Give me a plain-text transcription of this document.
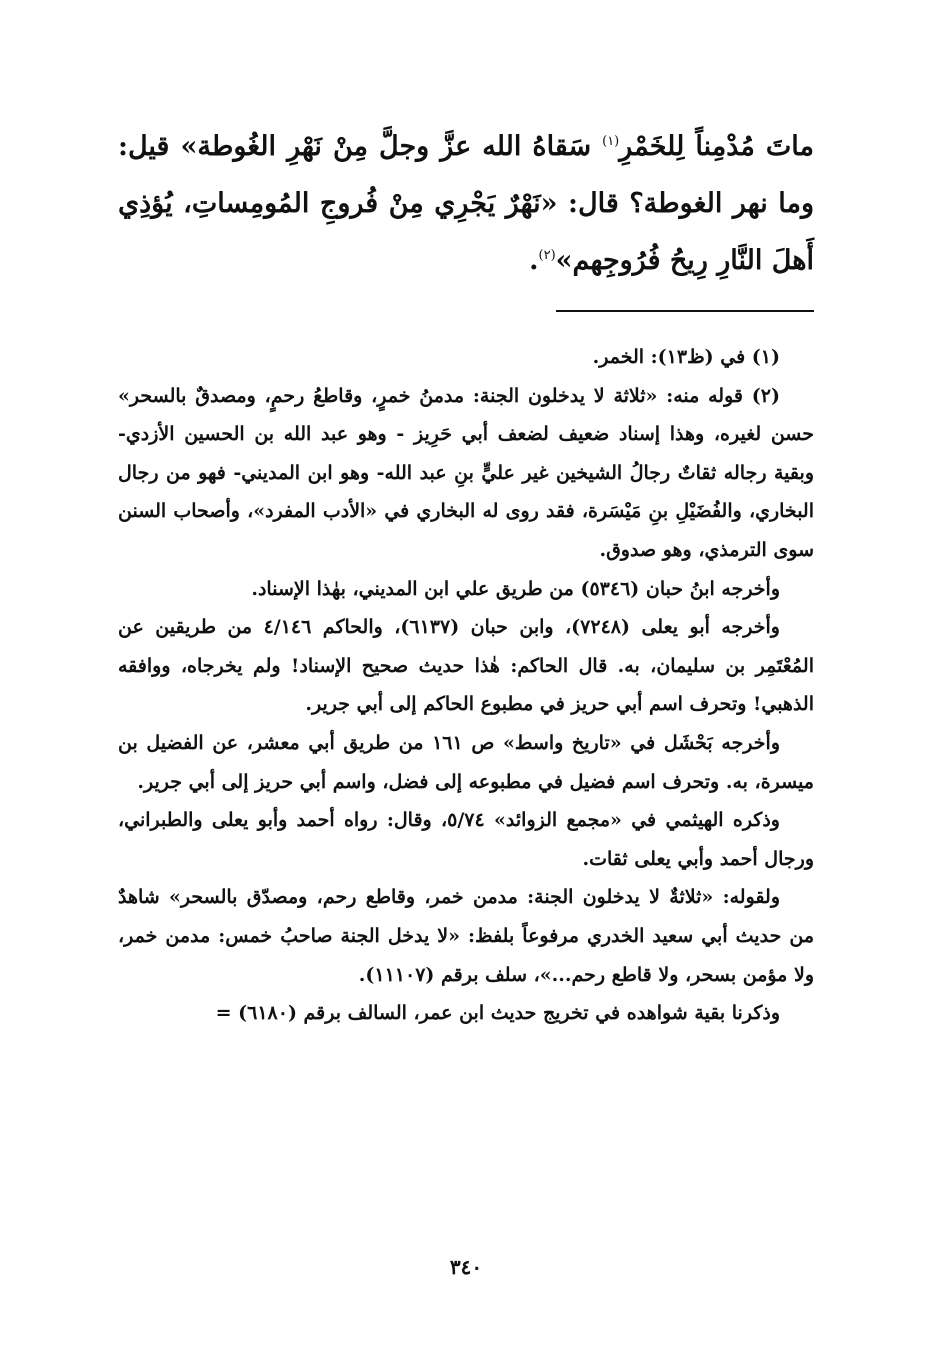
ماتَ مُدْمِناً لِلخَمْرِ$^{(١)}$ سَقاهُ الله عزَّ وجلَّ مِنْ نَهْرِ الغُوطة» قيل: وما نهر الغوطة؟ قال: «نَهْرٌ يَجْرِي مِنْ فُروجِ المُومِساتِ، يُؤذِي أَهلَ النَّارِ رِيحُ فُرُوجِهم»$^{(٢)}$.

(١) في (ظ١٣): الخمر.

(٢) قوله منه: «ثلاثة لا يدخلون الجنة: مدمنُ خمرٍ، وقاطعُ رحمٍ، ومصدقٌ بالسحر» حسن لغيره، وهذا إسناد ضعيف لضعف أبي حَرِيز - وهو عبد الله بن الحسين الأزدي- وبقية رجاله ثقاتٌ رجالُ الشيخين غير عليٍّ بنِ عبد الله- وهو ابن المديني- فهو من رجال البخاري، والفُضَيْلِ بنِ مَيْسَرة، فقد روى له البخاري في «الأدب المفرد»، وأصحاب السنن سوى الترمذي، وهو صدوق.

وأخرجه ابنُ حبان (٥٣٤٦) من طريق علي ابن المديني، بهٰذا الإسناد.

وأخرجه أبو يعلى (٧٢٤٨)، وابن حبان (٦١٣٧)، والحاكم ٤/١٤٦ من طريقين عن المُعْتَمِر بن سليمان، به. قال الحاكم: هٰذا حديث صحيح الإسناد! ولم يخرجاه، ووافقه الذهبي! وتحرف اسم أبي حريز في مطبوع الحاكم إلى أبي جرير.

وأخرجه بَحْشَل في «تاريخ واسط» ص ١٦١ من طريق أبي معشر، عن الفضيل بن ميسرة، به. وتحرف اسم فضيل في مطبوعه إلى فضل، واسم أبي حريز إلى أبي جرير.

وذكره الهيثمي في «مجمع الزوائد» ٥/٧٤، وقال: رواه أحمد وأبو يعلى والطبراني، ورجال أحمد وأبي يعلى ثقات.

ولقوله: «ثلاثةٌ لا يدخلون الجنة: مدمن خمر، وقاطع رحم، ومصدّق بالسحر» شاهدٌ من حديث أبي سعيد الخدري مرفوعاً بلفظ: «لا يدخل الجنة صاحبُ خمس: مدمن خمر، ولا مؤمن بسحر، ولا قاطع رحم...»، سلف برقم (١١١٠٧).

وذكرنا بقية شواهده في تخريج حديث ابن عمر، السالف برقم (٦١٨٠) =

٣٤٠
